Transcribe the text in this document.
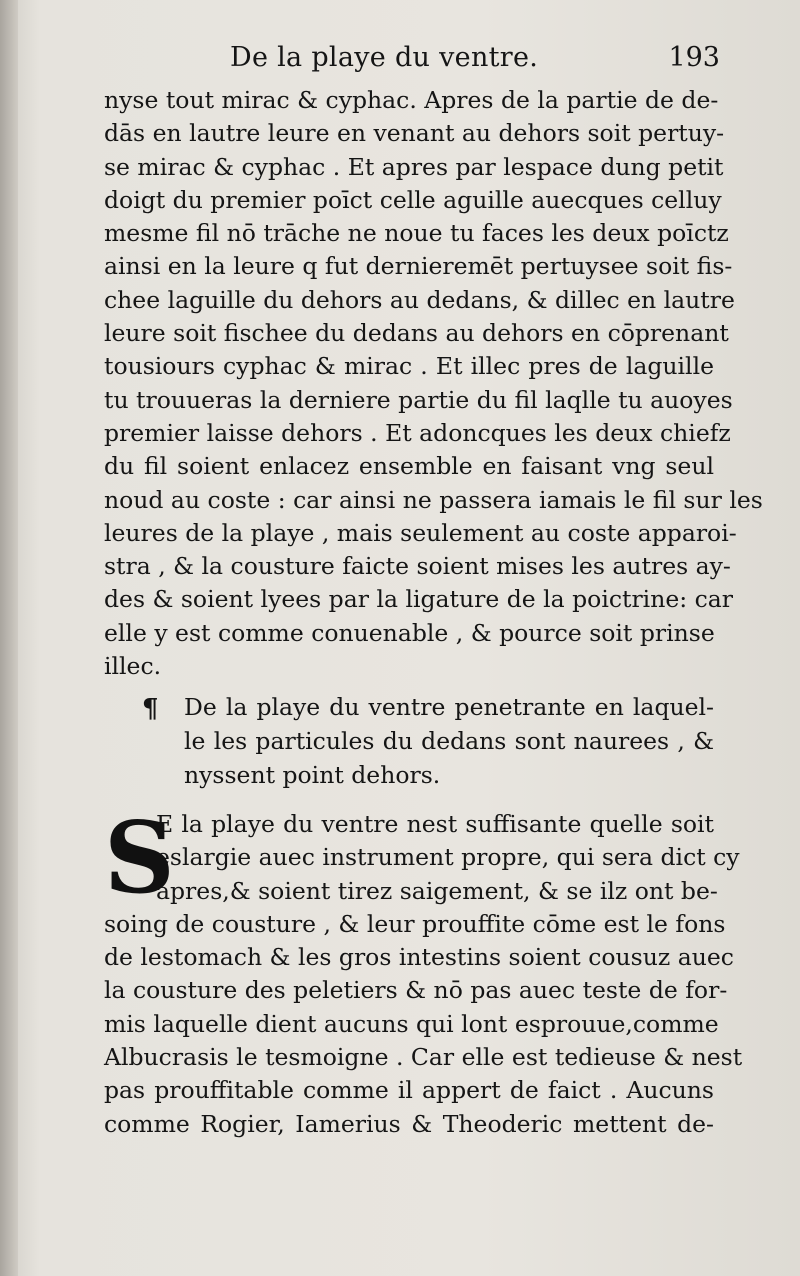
De la playe du ventre.	193
nyse tout mirac & cyphac. Apres de la partie de de-
dās en lautre leure en venant au dehors soit pertuy-
se mirac & cyphac . Et apres par lespace dung petit
doigt du premier poīct celle aguille auecques celluy
mesme fil nō trāche ne noue tu faces les deux poīctz
ainsi en la leure q fut dernieremēt pertuysee soit fis-
chee laguille du dehors au dedans, & dillec en lautre
leure soit fischee du dedans au dehors en cōprenant
tousiours cyphac & mirac . Et illec pres de laguille
tu trouueras la derniere partie du fil laqlle tu auoyes
premier laisse dehors . Et adoncques les deux chiefz
du fil soient enlacez ensemble en faisant vng seul
noud au coste : car ainsi ne passera iamais le fil sur les
leures de la playe , mais seulement au coste apparoi-
stra , & la cousture faicte soient mises les autres ay-
des & soient lyees par la ligature de la poictrine: car
elle y est comme conuenable , & pource soit prinse
illec.
¶ De la playe du ventre penetrante en laquel-
le les particules du dedans sont naurees , &
nyssent point dehors.
S
E la playe du ventre nest suffisante quelle soit
eslargie auec instrument propre, qui sera dict cy
apres,& soient tirez saigement, & se ilz ont be-
soing de cousture , & leur prouffite cōme est le fons
de lestomach & les gros intestins soient cousuz auec
la cousture des peletiers & nō pas auec teste de for-
mis laquelle dient aucuns qui lont esprouue,comme
Albucrasis le tesmoigne . Car elle est tedieuse & nest
pas prouffitable comme il appert de faict . Aucuns
comme Rogier, Iamerius & Theoderic mettent de-
